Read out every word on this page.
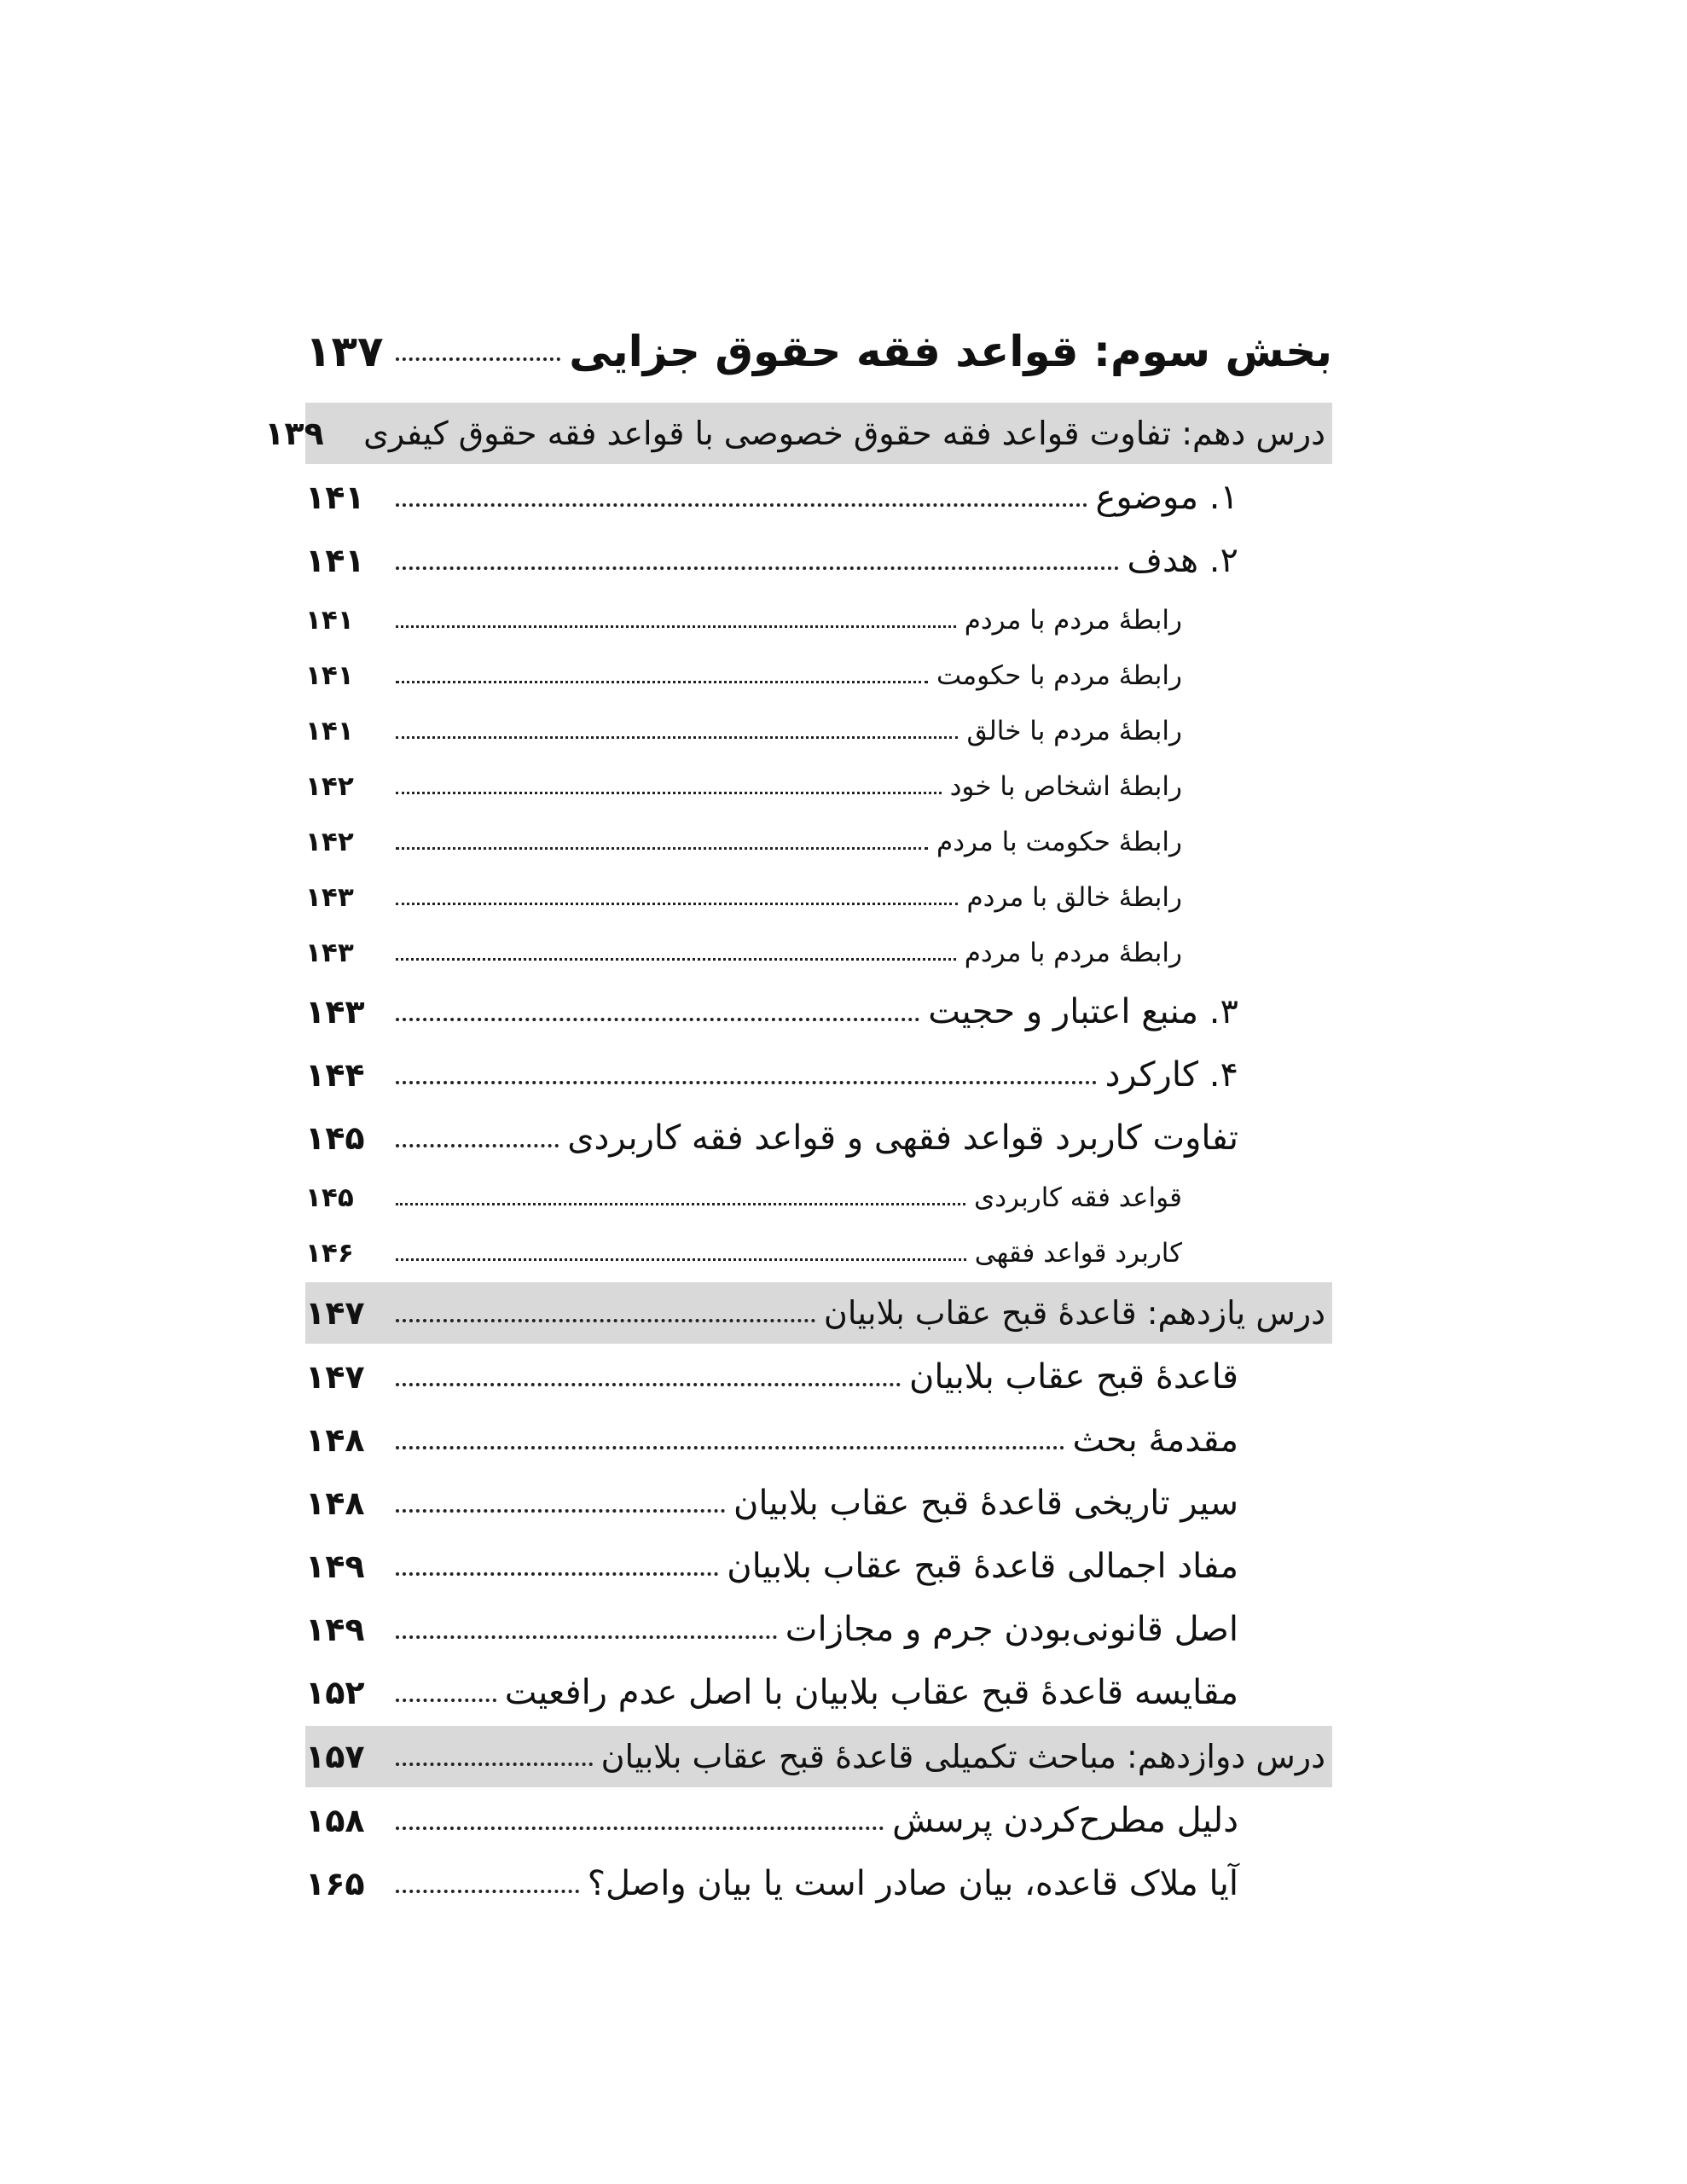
بخش سوم: قواعد فقه حقوق جزایی
۱۳۷
درس دهم: تفاوت قواعد فقه حقوق خصوصی با قواعد فقه حقوق کیفری
۱۳۹
۱. موضوع
۱۴۱
۲. هدف
۱۴۱
رابطهٔ مردم با مردم
۱۴۱
رابطهٔ مردم با حکومت
۱۴۱
رابطهٔ مردم با خالق
۱۴۱
رابطهٔ اشخاص با خود
۱۴۲
رابطهٔ حکومت با مردم
۱۴۲
رابطهٔ خالق با مردم
۱۴۳
رابطهٔ مردم با مردم
۱۴۳
۳. منبع اعتبار و حجیت
۱۴۳
۴. کارکرد
۱۴۴
تفاوت کاربرد قواعد فقهی و قواعد فقه کاربردی
۱۴۵
قواعد فقه کاربردی
۱۴۵
کاربرد قواعد فقهی
۱۴۶
درس یازدهم: قاعدهٔ قبح عقاب بلابیان
۱۴۷
قاعدهٔ قبح عقاب بلابیان
۱۴۷
مقدمهٔ بحث
۱۴۸
سیر تاریخی قاعدهٔ قبح عقاب بلابیان
۱۴۸
مفاد اجمالی قاعدهٔ قبح عقاب بلابیان
۱۴۹
اصل قانونی‌بودن جرم و مجازات
۱۴۹
مقایسه قاعدهٔ قبح عقاب بلابیان با اصل عدم رافعیت
۱۵۲
درس دوازدهم: مباحث تکمیلی قاعدهٔ قبح عقاب بلابیان
۱۵۷
دلیل مطرح‌کردن پرسش
۱۵۸
آیا ملاک قاعده، بیان صادر است یا بیان واصل؟
۱۶۵
